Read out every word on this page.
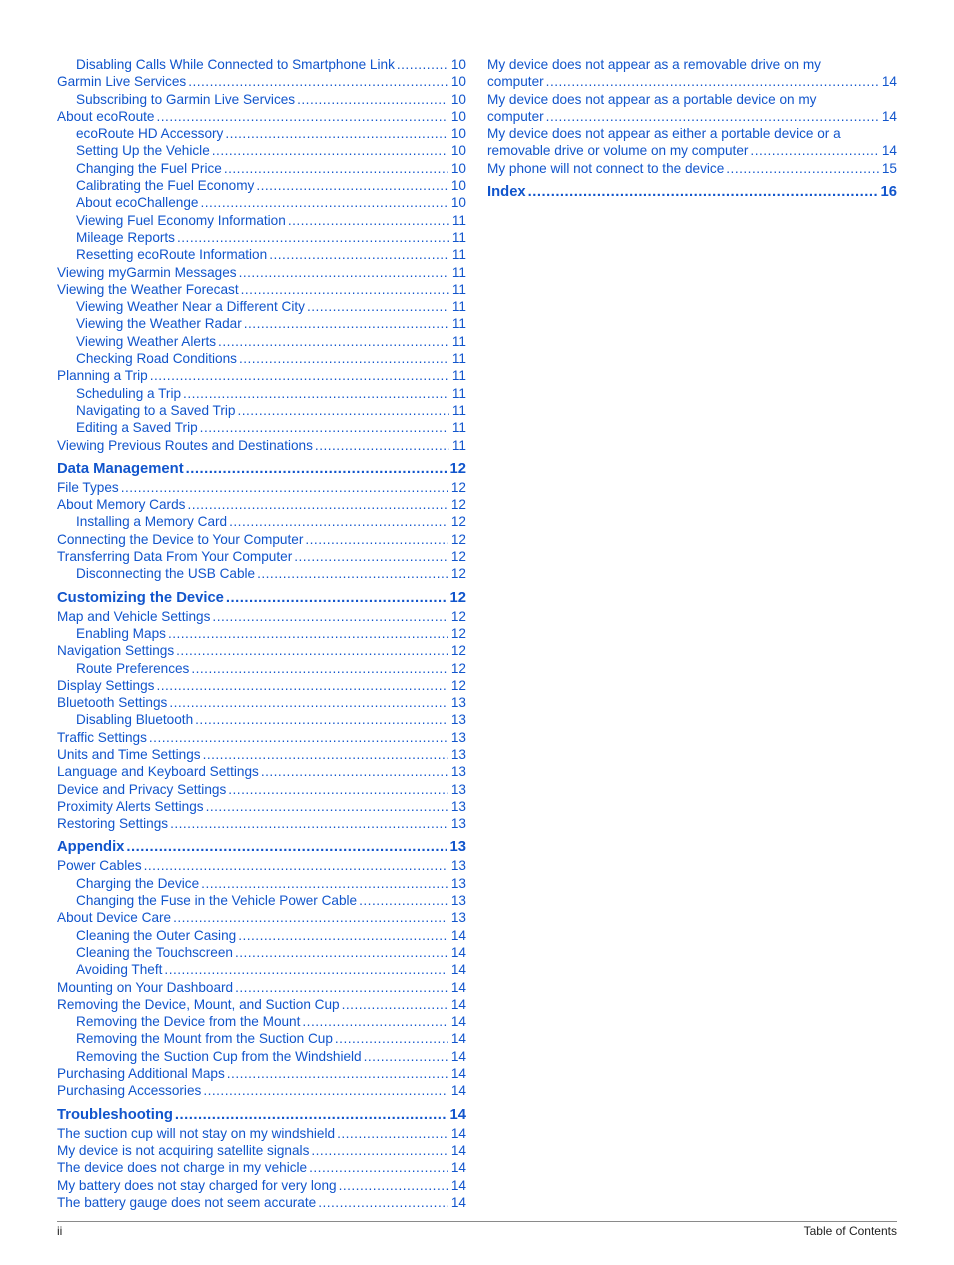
Disabling Calls While Connected to Smartphone Link .....	10
Garmin Live Services .....	10
Subscribing to Garmin Live Services .....	10
About ecoRoute .....	10
ecoRoute HD Accessory .....	10
Setting Up the Vehicle .....	10
Changing the Fuel Price .....	10
Calibrating the Fuel Economy .....	10
About ecoChallenge .....	10
Viewing Fuel Economy Information .....	11
Mileage Reports .....	11
Resetting ecoRoute Information .....	11
Viewing myGarmin Messages .....	11
Viewing the Weather Forecast .....	11
Viewing Weather Near a Different City .....	11
Viewing the Weather Radar .....	11
Viewing Weather Alerts .....	11
Checking Road Conditions .....	11
Planning a Trip .....	11
Scheduling a Trip .....	11
Navigating to a Saved Trip .....	11
Editing a Saved Trip .....	11
Viewing Previous Routes and Destinations .....	11
Data Management .....	12
File Types .....	12
About Memory Cards .....	12
Installing a Memory Card .....	12
Connecting the Device to Your Computer .....	12
Transferring Data From Your Computer .....	12
Disconnecting the USB Cable .....	12
Customizing the Device .....	12
Map and Vehicle Settings .....	12
Enabling Maps .....	12
Navigation Settings .....	12
Route Preferences .....	12
Display Settings .....	12
Bluetooth Settings .....	13
Disabling Bluetooth .....	13
Traffic Settings .....	13
Units and Time Settings .....	13
Language and Keyboard Settings .....	13
Device and Privacy Settings .....	13
Proximity Alerts Settings .....	13
Restoring Settings .....	13
Appendix .....	13
Power Cables .....	13
Charging the Device .....	13
Changing the Fuse in the Vehicle Power Cable .....	13
About Device Care .....	13
Cleaning the Outer Casing .....	14
Cleaning the Touchscreen .....	14
Avoiding Theft .....	14
Mounting on Your Dashboard .....	14
Removing the Device, Mount, and Suction Cup .....	14
Removing the Device from the Mount .....	14
Removing the Mount from the Suction Cup .....	14
Removing the Suction Cup from the Windshield .....	14
Purchasing Additional Maps .....	14
Purchasing Accessories .....	14
Troubleshooting .....	14
The suction cup will not stay on my windshield .....	14
My device is not acquiring satellite signals .....	14
The device does not charge in my vehicle .....	14
My battery does not stay charged for very long .....	14
The battery gauge does not seem accurate .....	14
My device does not appear as a removable drive on my
computer .....	14
My device does not appear as a portable device on my
computer .....	14
My device does not appear as either a portable device or a
removable drive or volume on my computer .....	14
My phone will not connect to the device .....	15
Index .....	16
ii	Table of Contents
